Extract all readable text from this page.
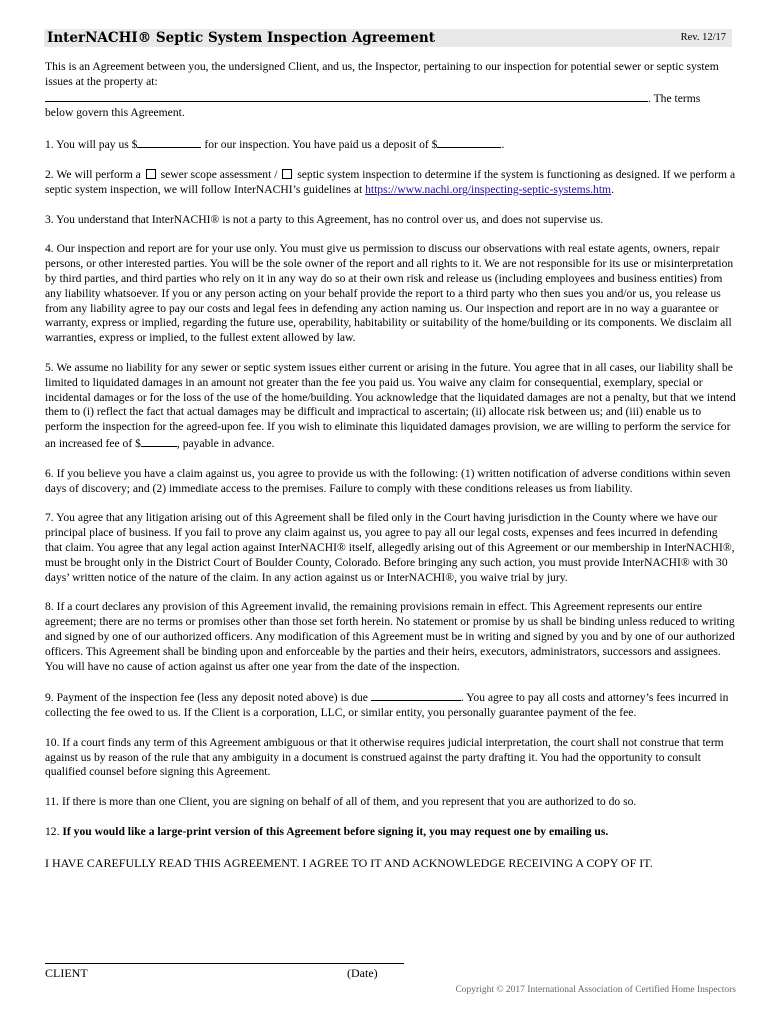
InterNACHI® Septic System Inspection Agreement	Rev. 12/17

This is an Agreement between you, the undersigned Client, and us, the Inspector, pertaining to our inspection for potential sewer or septic system issues at the property at:
. The terms
below govern this Agreement.

1. You will pay us $	for our inspection. You have paid us a deposit of $	.

2. We will perform a  sewer scope assessment /  septic system inspection to determine if the system is functioning as designed. If we perform a septic system inspection, we will follow InterNACHI’s guidelines at https://www.nachi.org/inspecting-septic-systems.htm.

3. You understand that InterNACHI® is not a party to this Agreement, has no control over us, and does not supervise us.

4. Our inspection and report are for your use only. You must give us permission to discuss our observations with real estate agents, owners, repair persons, or other interested parties. You will be the sole owner of the report and all rights to it. We are not responsible for its use or misinterpretation by third parties, and third parties who rely on it in any way do so at their own risk and release us (including employees and business entities) from any liability whatsoever. If you or any person acting on your behalf provide the report to a third party who then sues you and/or us, you release us from any liability agree to pay our costs and legal fees in defending any action naming us. Our inspection and report are in no way a guarantee or warranty, express or implied, regarding the future use, operability, habitability or suitability of the home/building or its components. We disclaim all warranties, express or implied, to the fullest extent allowed by law.

5. We assume no liability for any sewer or septic system issues either current or arising in the future. You agree that in all cases, our liability shall be limited to liquidated damages in an amount not greater than the fee you paid us. You waive any claim for consequential, exemplary, special or incidental damages or for the loss of the use of the home/building. You acknowledge that the liquidated damages are not a penalty, but that we intend them to (i) reflect the fact that actual damages may be difficult and impractical to ascertain; (ii) allocate risk between us; and (iii) enable us to perform the inspection for the agreed-upon fee. If you wish to eliminate this liquidated damages provision, we are willing to perform the service for an increased fee of $	, payable in advance.

6. If you believe you have a claim against us, you agree to provide us with the following: (1) written notification of adverse conditions within seven days of discovery; and (2) immediate access to the premises. Failure to comply with these conditions releases us from liability.

7. You agree that any litigation arising out of this Agreement shall be filed only in the Court having jurisdiction in the County where we have our principal place of business. If you fail to prove any claim against us, you agree to pay all our legal costs, expenses and fees incurred in defending that claim. You agree that any legal action against InterNACHI® itself, allegedly arising out of this Agreement or our membership in InterNACHI®, must be brought only in the District Court of Boulder County, Colorado. Before bringing any such action, you must provide InterNACHI® with 30 days’ written notice of the nature of the claim. In any action against us or InterNACHI®, you waive trial by jury.

8. If a court declares any provision of this Agreement invalid, the remaining provisions remain in effect. This Agreement represents our entire agreement; there are no terms or promises other than those set forth herein. No statement or promise by us shall be binding unless reduced to writing and signed by one of our authorized officers. Any modification of this Agreement must be in writing and signed by you and by one of our authorized officers. This Agreement shall be binding upon and enforceable by the parties and their heirs, executors, administrators, successors and assignees. You will have no cause of action against us after one year from the date of the inspection.

9. Payment of the inspection fee (less any deposit noted above) is due	. You agree to pay all costs and attorney’s fees incurred in collecting the fee owed to us. If the Client is a corporation, LLC, or similar entity, you personally guarantee payment of the fee.

10. If a court finds any term of this Agreement ambiguous or that it otherwise requires judicial interpretation, the court shall not construe that term against us by reason of the rule that any ambiguity in a document is construed against the party drafting it. You had the opportunity to consult qualified counsel before signing this Agreement.

11. If there is more than one Client, you are signing on behalf of all of them, and you represent that you are authorized to do so.

12. If you would like a large-print version of this Agreement before signing it, you may request one by emailing us.

I HAVE CAREFULLY READ THIS AGREEMENT. I AGREE TO IT AND ACKNOWLEDGE RECEIVING A COPY OF IT.

CLIENT	(Date)
Copyright © 2017 International Association of Certified Home Inspectors
